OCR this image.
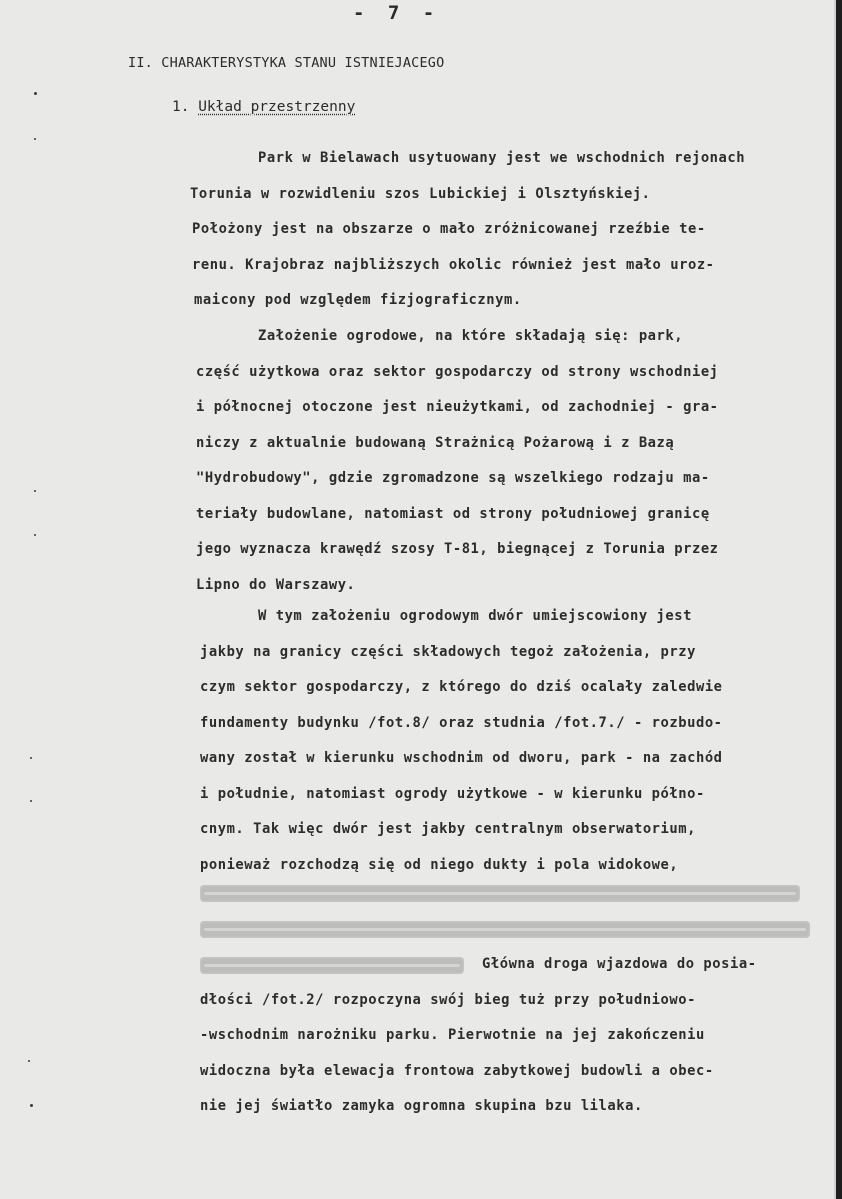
- 7 -
II. CHARAKTERYSTYKA STANU ISTNIEJACEGO
1. Układ przestrzenny
Park w Bielawach usytuowany jest we wschodnich rejonach
Torunia w rozwidleniu szos Lubickiej i Olsztyńskiej.
Położony jest na obszarze o mało zróżnicowanej rzeźbie te-
renu. Krajobraz najbliższych okolic również jest mało uroz-
maicony pod względem fizjograficznym.
Założenie ogrodowe, na które składają się: park,
część użytkowa oraz sektor gospodarczy od strony wschodniej
i północnej otoczone jest nieużytkami, od zachodniej - gra-
niczy z aktualnie budowaną Strażnicą Pożarową i z Bazą
"Hydrobudowy", gdzie zgromadzone są wszelkiego rodzaju ma-
teriały budowlane, natomiast od strony południowej granicę
jego wyznacza krawędź szosy T-81, biegnącej z Torunia przez
Lipno do Warszawy.
W tym założeniu ogrodowym dwór umiejscowiony jest
jakby na granicy części składowych tegoż założenia, przy
czym sektor gospodarczy, z którego do dziś ocalały zaledwie
fundamenty budynku /fot.8/ oraz studnia /fot.7./ - rozbudo-
wany został w kierunku wschodnim od dworu, park - na zachód
i południe, natomiast ogrody użytkowe - w kierunku półno-
cnym. Tak więc dwór jest jakby centralnym obserwatorium,
ponieważ rozchodzą się od niego dukty i pola widokowe,
Główna droga wjazdowa do posia-
dłości /fot.2/ rozpoczyna swój bieg tuż przy południowo-
-wschodnim narożniku parku. Pierwotnie na jej zakończeniu
widoczna była elewacja frontowa zabytkowej budowli a obec-
nie jej światło zamyka ogromna skupina bzu lilaka.
